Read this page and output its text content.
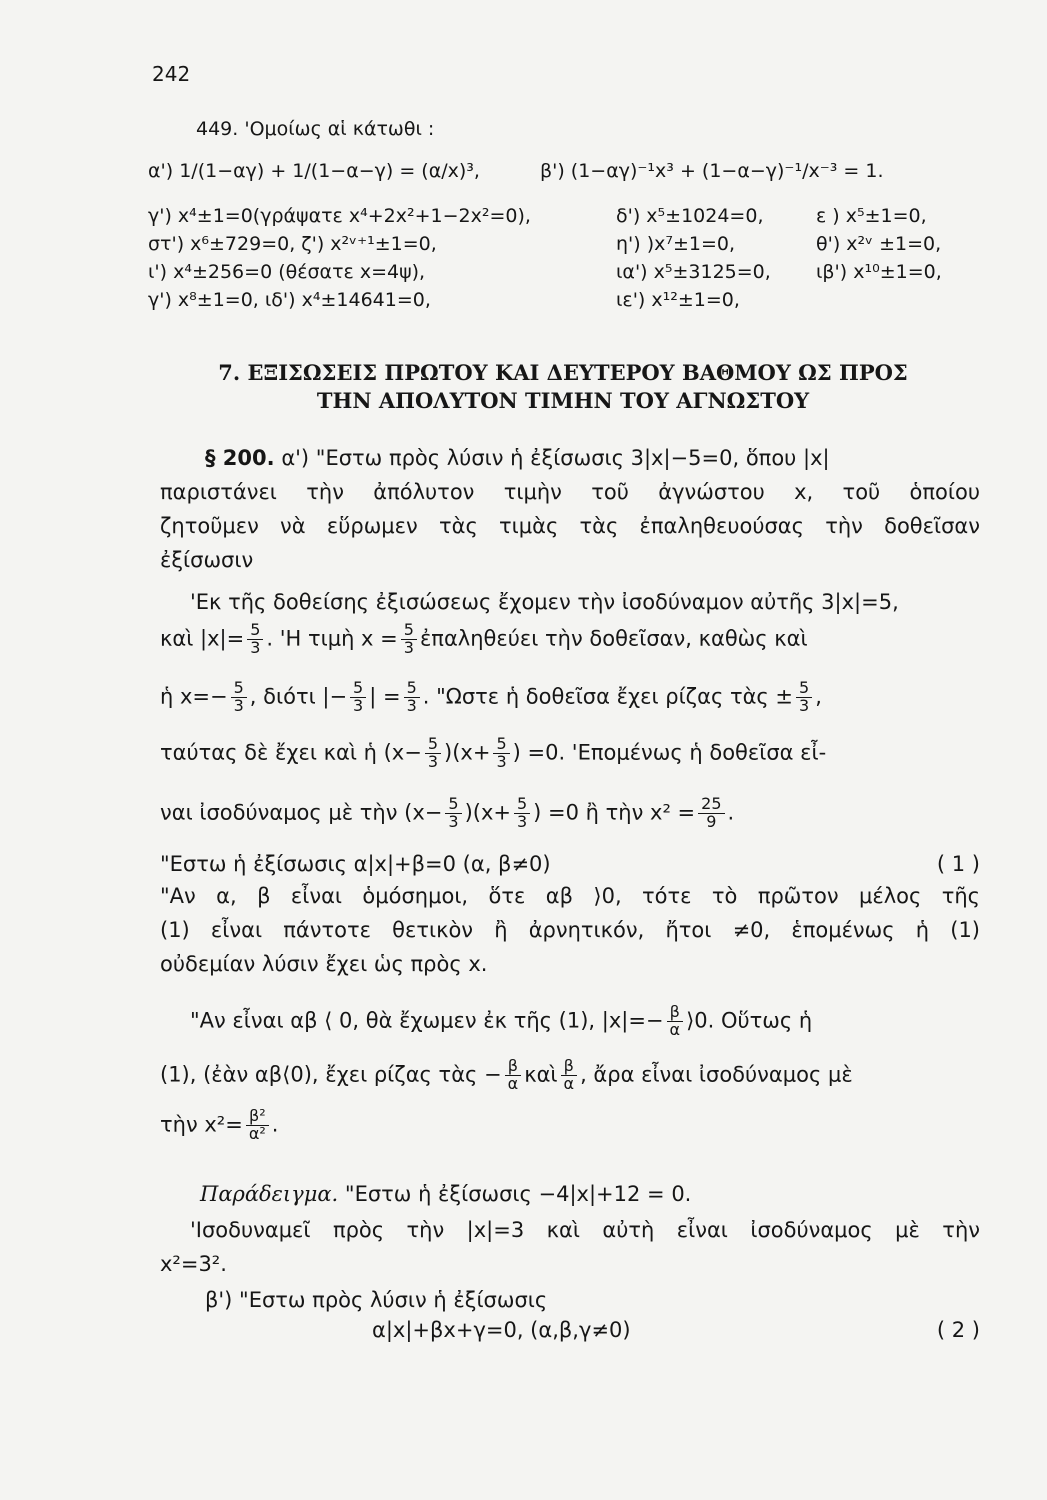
242
449. 'Ομοίως αἱ κάτωθι :
α') 1/(1−αγ) + 1/(1−α−γ) = (α/x)³,	β') (1−αγ)⁻¹x³ + (1−α−γ)⁻¹/x⁻³ = 1.
γ') x⁴±1=0(γράψατε x⁴+2x²+1−2x²=0),	δ') x⁵±1024=0,	ε ) x⁵±1=0,
στ') x⁶±729=0, ζ') x²ᵛ⁺¹±1=0,	η') )x⁷±1=0,	θ') x²ᵛ ±1=0,
ι') x⁴±256=0 (θέσατε x=4ψ),	ια') x⁵±3125=0, ιβ') x¹⁰±1=0,
γ') x⁸±1=0, ιδ') x⁴±14641=0,	ιε') x¹²±1=0,
7. ΕΞΙΣΩΣΕΙΣ ΠΡΩΤΟΥ ΚΑΙ ΔΕΥΤΕΡΟΥ ΒΑΘΜΟΥ ΩΣ ΠΡΟΣ
ΤΗΝ ΑΠΟΛΥΤΟΝ ΤΙΜΗΝ ΤΟΥ ΑΓΝΩΣΤΟΥ
§ 200. α') "Εστω πρὸς λύσιν ἡ ἐξίσωσις 3|x|−5=0, ὅπου |x|
παριστάνει τὴν ἀπόλυτον τιμὴν τοῦ ἀγνώστου x, τοῦ ὁποίου
ζητοῦμεν νὰ εὕρωμεν τὰς τιμὰς τὰς ἐπαληθευούσας τὴν δοθεῖσαν
ἐξίσωσιν
'Εκ τῆς δοθείσης ἐξισώσεως ἔχομεν τὴν ἰσοδύναμον αὐτῆς 3|x|=5,
καὶ $|x|= \frac{5}{3}$ . 'Η τιμὴ $x = \frac{5}{3}$ ἐπαληθεύει τὴν δοθεῖσαν, καθὼς καὶ
ἡ $x=- \frac{5}{3}$ , διότι |− $\frac{5}{3}$ | = $\frac{5}{3}$ . "Ωστε ἡ δοθεῖσα ἔχει ρίζας τὰς ± $\frac{5}{3}$ ,
ταύτας δὲ ἔχει καὶ ἡ $(x- \frac{5}{3} )(x+ \frac{5}{3}$ ) =0. 'Επομένως ἡ δοθεῖσα εἶ-
ναι ἰσοδύναμος μὲ τὴν $(x- \frac{5}{3} )(x+ \frac{5}{3}$ ) =0 ἢ τὴν $x^2 = \frac{25}{9}$ .
"Εστω ἡ ἐξίσωσις α|x|+β=0 (α, β≠0)	( 1 )
"Αν α, β εἶναι ὁμόσημοι, ὅτε αβ ⟩0, τότε τὸ πρῶτον μέλος τῆς
(1) εἶναι πάντοτε θετικὸν ἢ ἀρνητικόν, ἤτοι ≠0, ἑπομένως ἡ (1)
οὐδεμίαν λύσιν ἔχει ὡς πρὸς x.
"Αν εἶναι αβ ⟨ 0, θὰ ἔχωμεν ἐκ τῆς (1), $|x|=- \frac{\beta}{\alpha}$ ⟩0. Οὕτως ἡ
(1), (ἐὰν αβ⟨0), ἔχει ρίζας τὰς − $\frac{\beta}{\alpha}$ καὶ $\frac{\beta}{\alpha}$ , ἄρα εἶναι ἰσοδύναμος μὲ
τὴν $x^2= \frac{\text{β²}}{\text{α²}}$ .
Παράδειγμα. "Εστω ἡ ἐξίσωσις −4|x|+12 = 0.
'Ισοδυναμεῖ πρὸς τὴν |x|=3 καὶ αὐτὴ εἶναι ἰσοδύναμος μὲ τὴν
x²=3².
β') "Εστω πρὸς λύσιν ἡ ἐξίσωσις
α|x|+βx+γ=0, (α,β,γ≠0)	( 2 )
